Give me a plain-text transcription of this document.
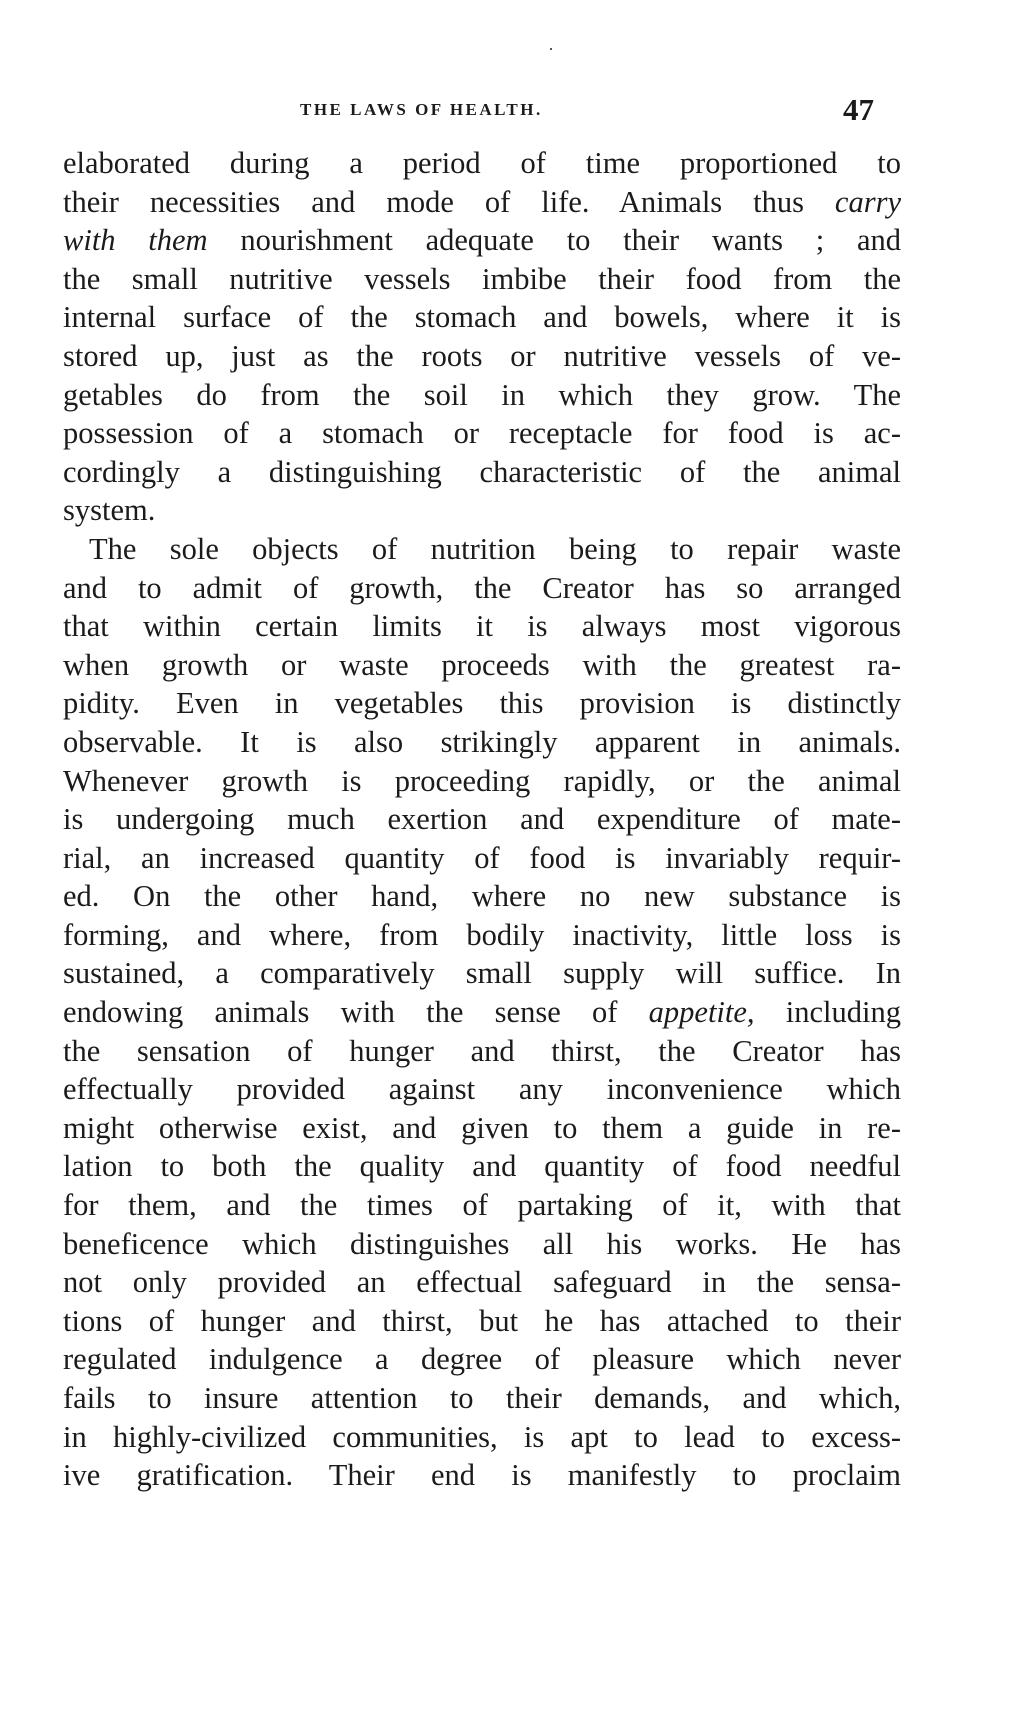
THE LAWS OF HEALTH.	47
elaborated during a period of time proportioned to
their necessities and mode of life. Animals thus carry
with them nourishment adequate to their wants ; and
the small nutritive vessels imbibe their food from the
internal surface of the stomach and bowels, where it is
stored up, just as the roots or nutritive vessels of ve-
getables do from the soil in which they grow. The
possession of a stomach or receptacle for food is ac-
cordingly a distinguishing characteristic of the animal
system.
The sole objects of nutrition being to repair waste
and to admit of growth, the Creator has so arranged
that within certain limits it is always most vigorous
when growth or waste proceeds with the greatest ra-
pidity. Even in vegetables this provision is distinctly
observable. It is also strikingly apparent in animals.
Whenever growth is proceeding rapidly, or the animal
is undergoing much exertion and expenditure of mate-
rial, an increased quantity of food is invariably requir-
ed. On the other hand, where no new substance is
forming, and where, from bodily inactivity, little loss is
sustained, a comparatively small supply will suffice. In
endowing animals with the sense of appetite, including
the sensation of hunger and thirst, the Creator has
effectually provided against any inconvenience which
might otherwise exist, and given to them a guide in re-
lation to both the quality and quantity of food needful
for them, and the times of partaking of it, with that
beneficence which distinguishes all his works. He has
not only provided an effectual safeguard in the sensa-
tions of hunger and thirst, but he has attached to their
regulated indulgence a degree of pleasure which never
fails to insure attention to their demands, and which,
in highly-civilized communities, is apt to lead to excess-
ive gratification. Their end is manifestly to proclaim
